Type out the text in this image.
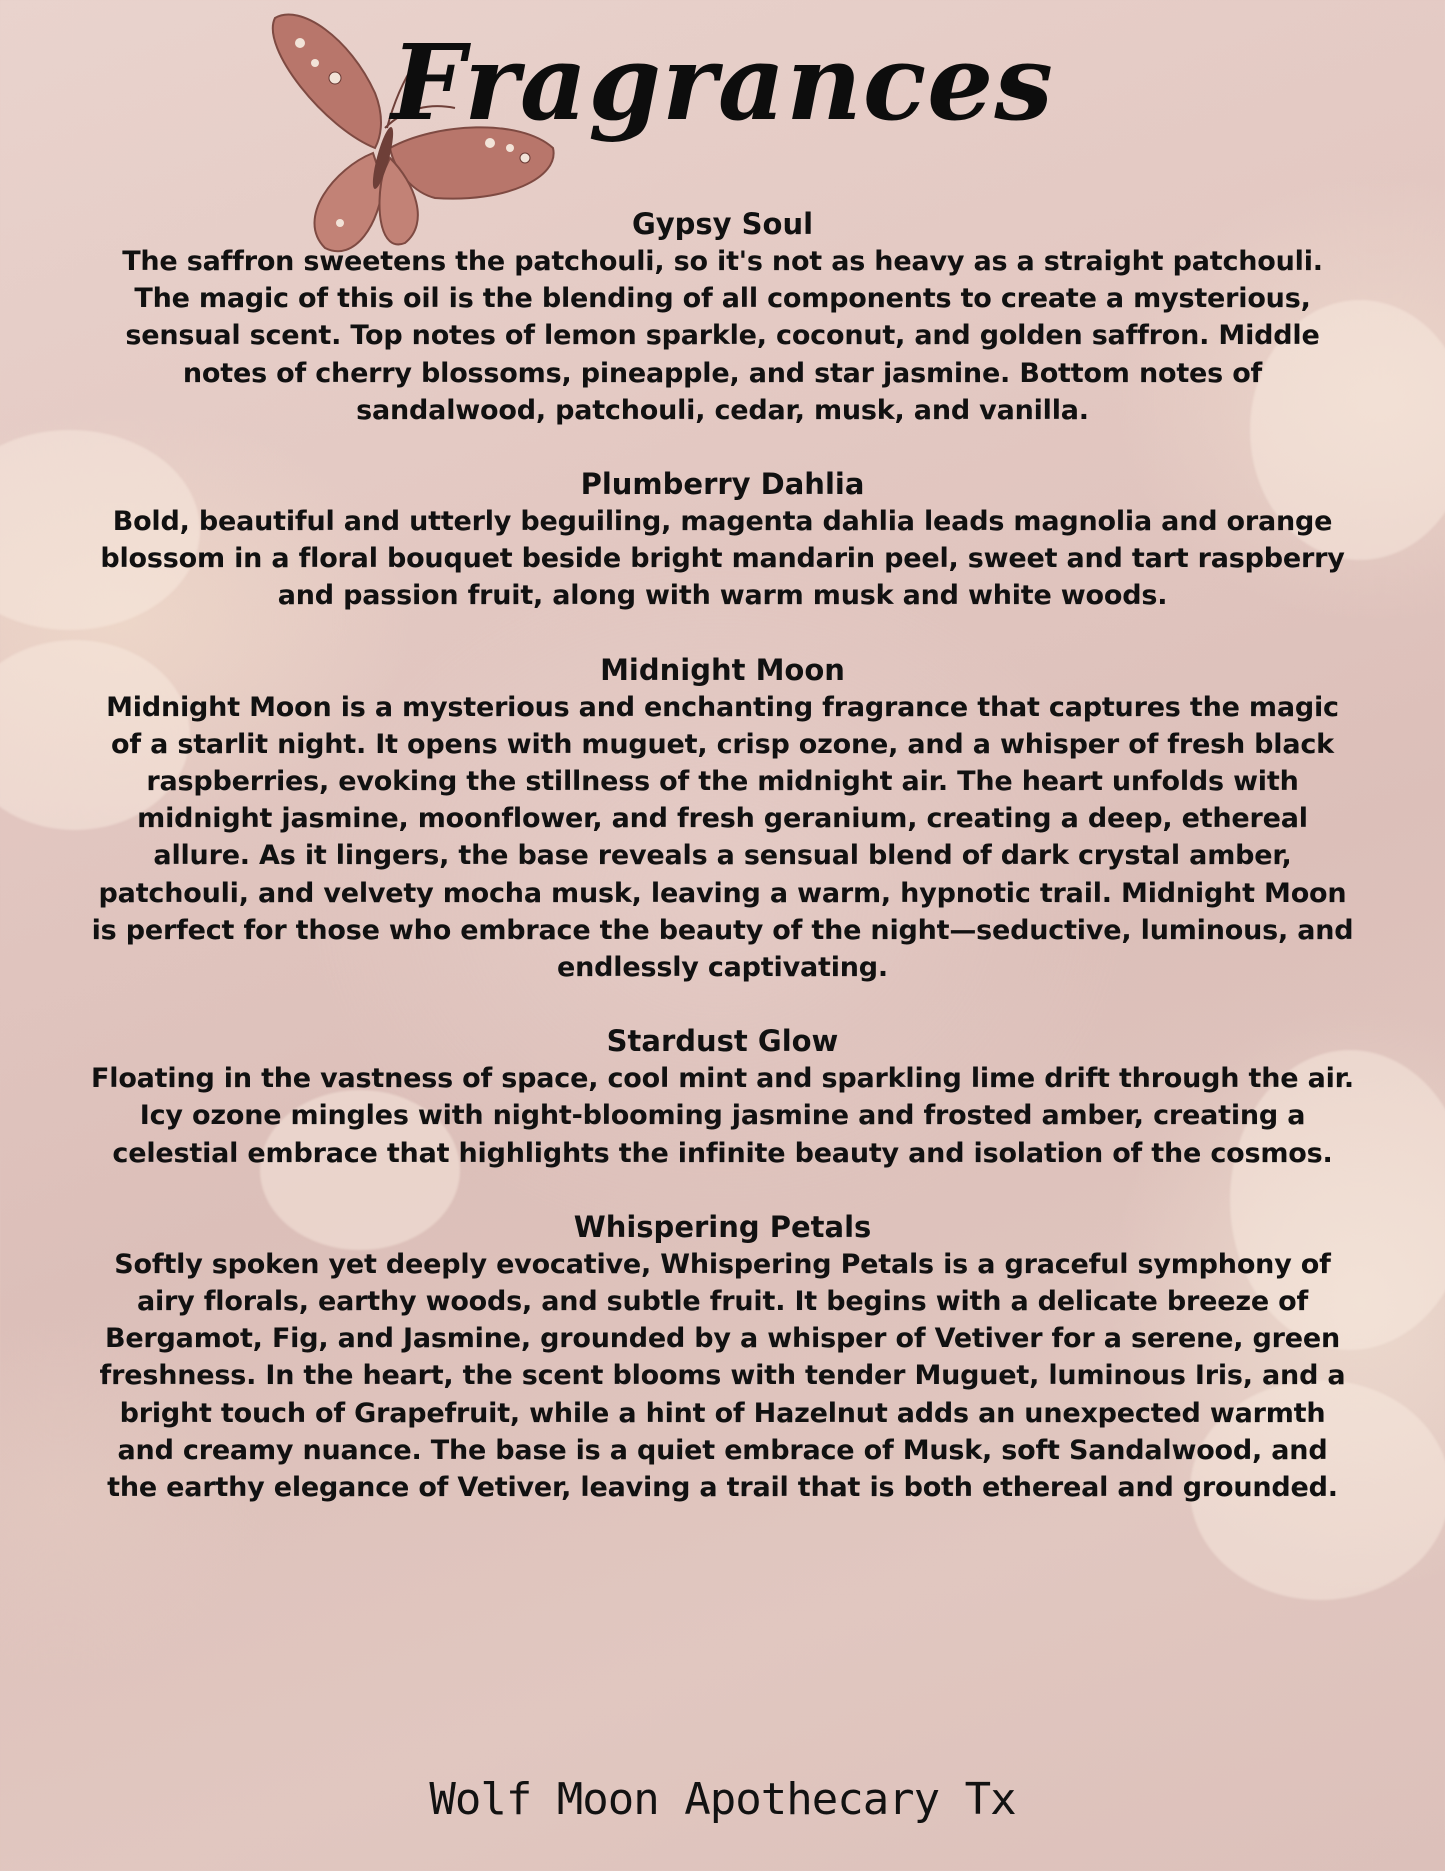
Fragrances

Gypsy Soul

The saffron sweetens the patchouli, so it's not as heavy as a straight patchouli. The magic of this oil is the blending of all components to create a mysterious, sensual scent. Top notes of lemon sparkle, coconut, and golden saffron. Middle notes of cherry blossoms, pineapple, and star jasmine. Bottom notes of sandalwood, patchouli, cedar, musk, and vanilla.

Plumberry Dahlia

Bold, beautiful and utterly beguiling, magenta dahlia leads magnolia and orange blossom in a floral bouquet beside bright mandarin peel, sweet and tart raspberry and passion fruit, along with warm musk and white woods.

Midnight Moon

Midnight Moon is a mysterious and enchanting fragrance that captures the magic of a starlit night. It opens with muguet, crisp ozone, and a whisper of fresh black raspberries, evoking the stillness of the midnight air. The heart unfolds with midnight jasmine, moonflower, and fresh geranium, creating a deep, ethereal allure. As it lingers, the base reveals a sensual blend of dark crystal amber, patchouli, and velvety mocha musk, leaving a warm, hypnotic trail. Midnight Moon is perfect for those who embrace the beauty of the night—seductive, luminous, and endlessly captivating.

Stardust Glow

Floating in the vastness of space, cool mint and sparkling lime drift through the air. Icy ozone mingles with night-blooming jasmine and frosted amber, creating a celestial embrace that highlights the infinite beauty and isolation of the cosmos.

Whispering Petals

Softly spoken yet deeply evocative, Whispering Petals is a graceful symphony of airy florals, earthy woods, and subtle fruit. It begins with a delicate breeze of Bergamot, Fig, and Jasmine, grounded by a whisper of Vetiver for a serene, green freshness. In the heart, the scent blooms with tender Muguet, luminous Iris, and a bright touch of Grapefruit, while a hint of Hazelnut adds an unexpected warmth and creamy nuance. The base is a quiet embrace of Musk, soft Sandalwood, and the earthy elegance of Vetiver, leaving a trail that is both ethereal and grounded.

Wolf Moon Apothecary Tx
